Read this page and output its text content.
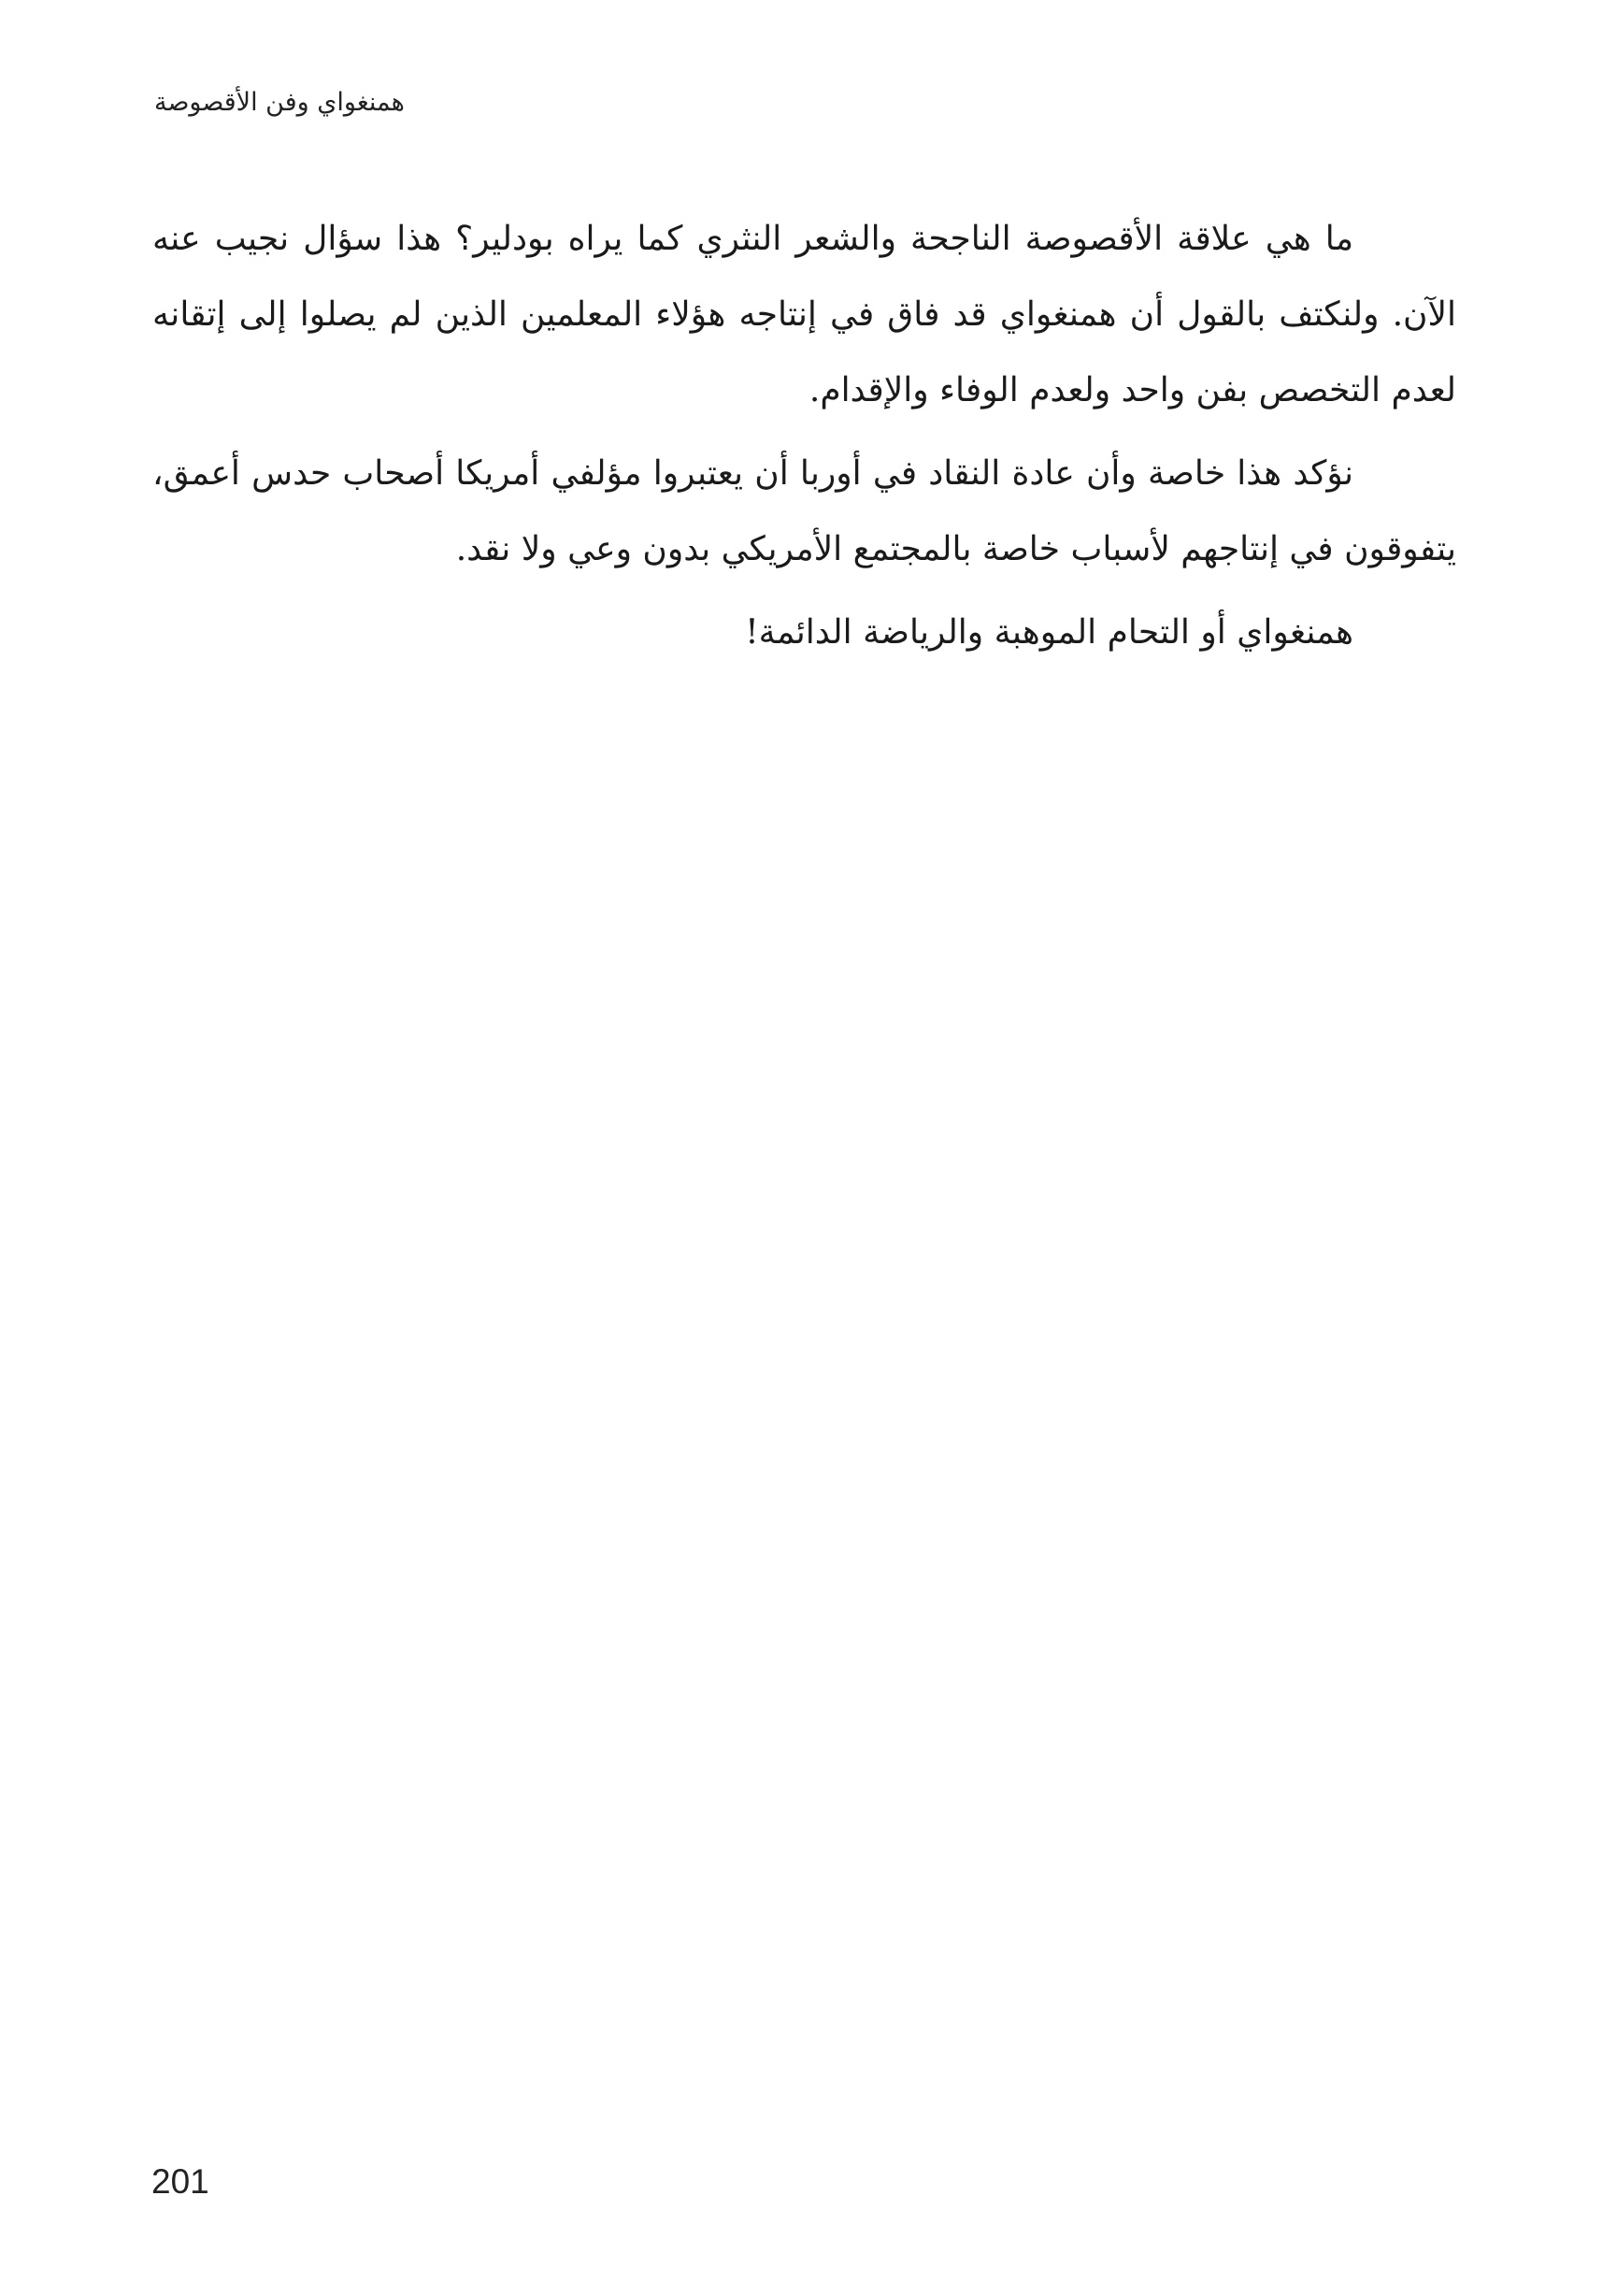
همنغواي وفن الأقصوصة

ما هي علاقة الأقصوصة الناجحة والشعر النثري كما يراه بودلير؟ هذا سؤال نجيب عنه الآن. ولنكتف بالقول أن همنغواي قد فاق في إنتاجه هؤلاء المعلمين الذين لم يصلوا إلى إتقانه لعدم التخصص بفن واحد ولعدم الوفاء والإقدام.

نؤكد هذا خاصة وأن عادة النقاد في أوربا أن يعتبروا مؤلفي أمريكا أصحاب حدس أعمق، يتفوقون في إنتاجهم لأسباب خاصة بالمجتمع الأمريكي بدون وعي ولا نقد.

همنغواي أو التحام الموهبة والرياضة الدائمة!

201
